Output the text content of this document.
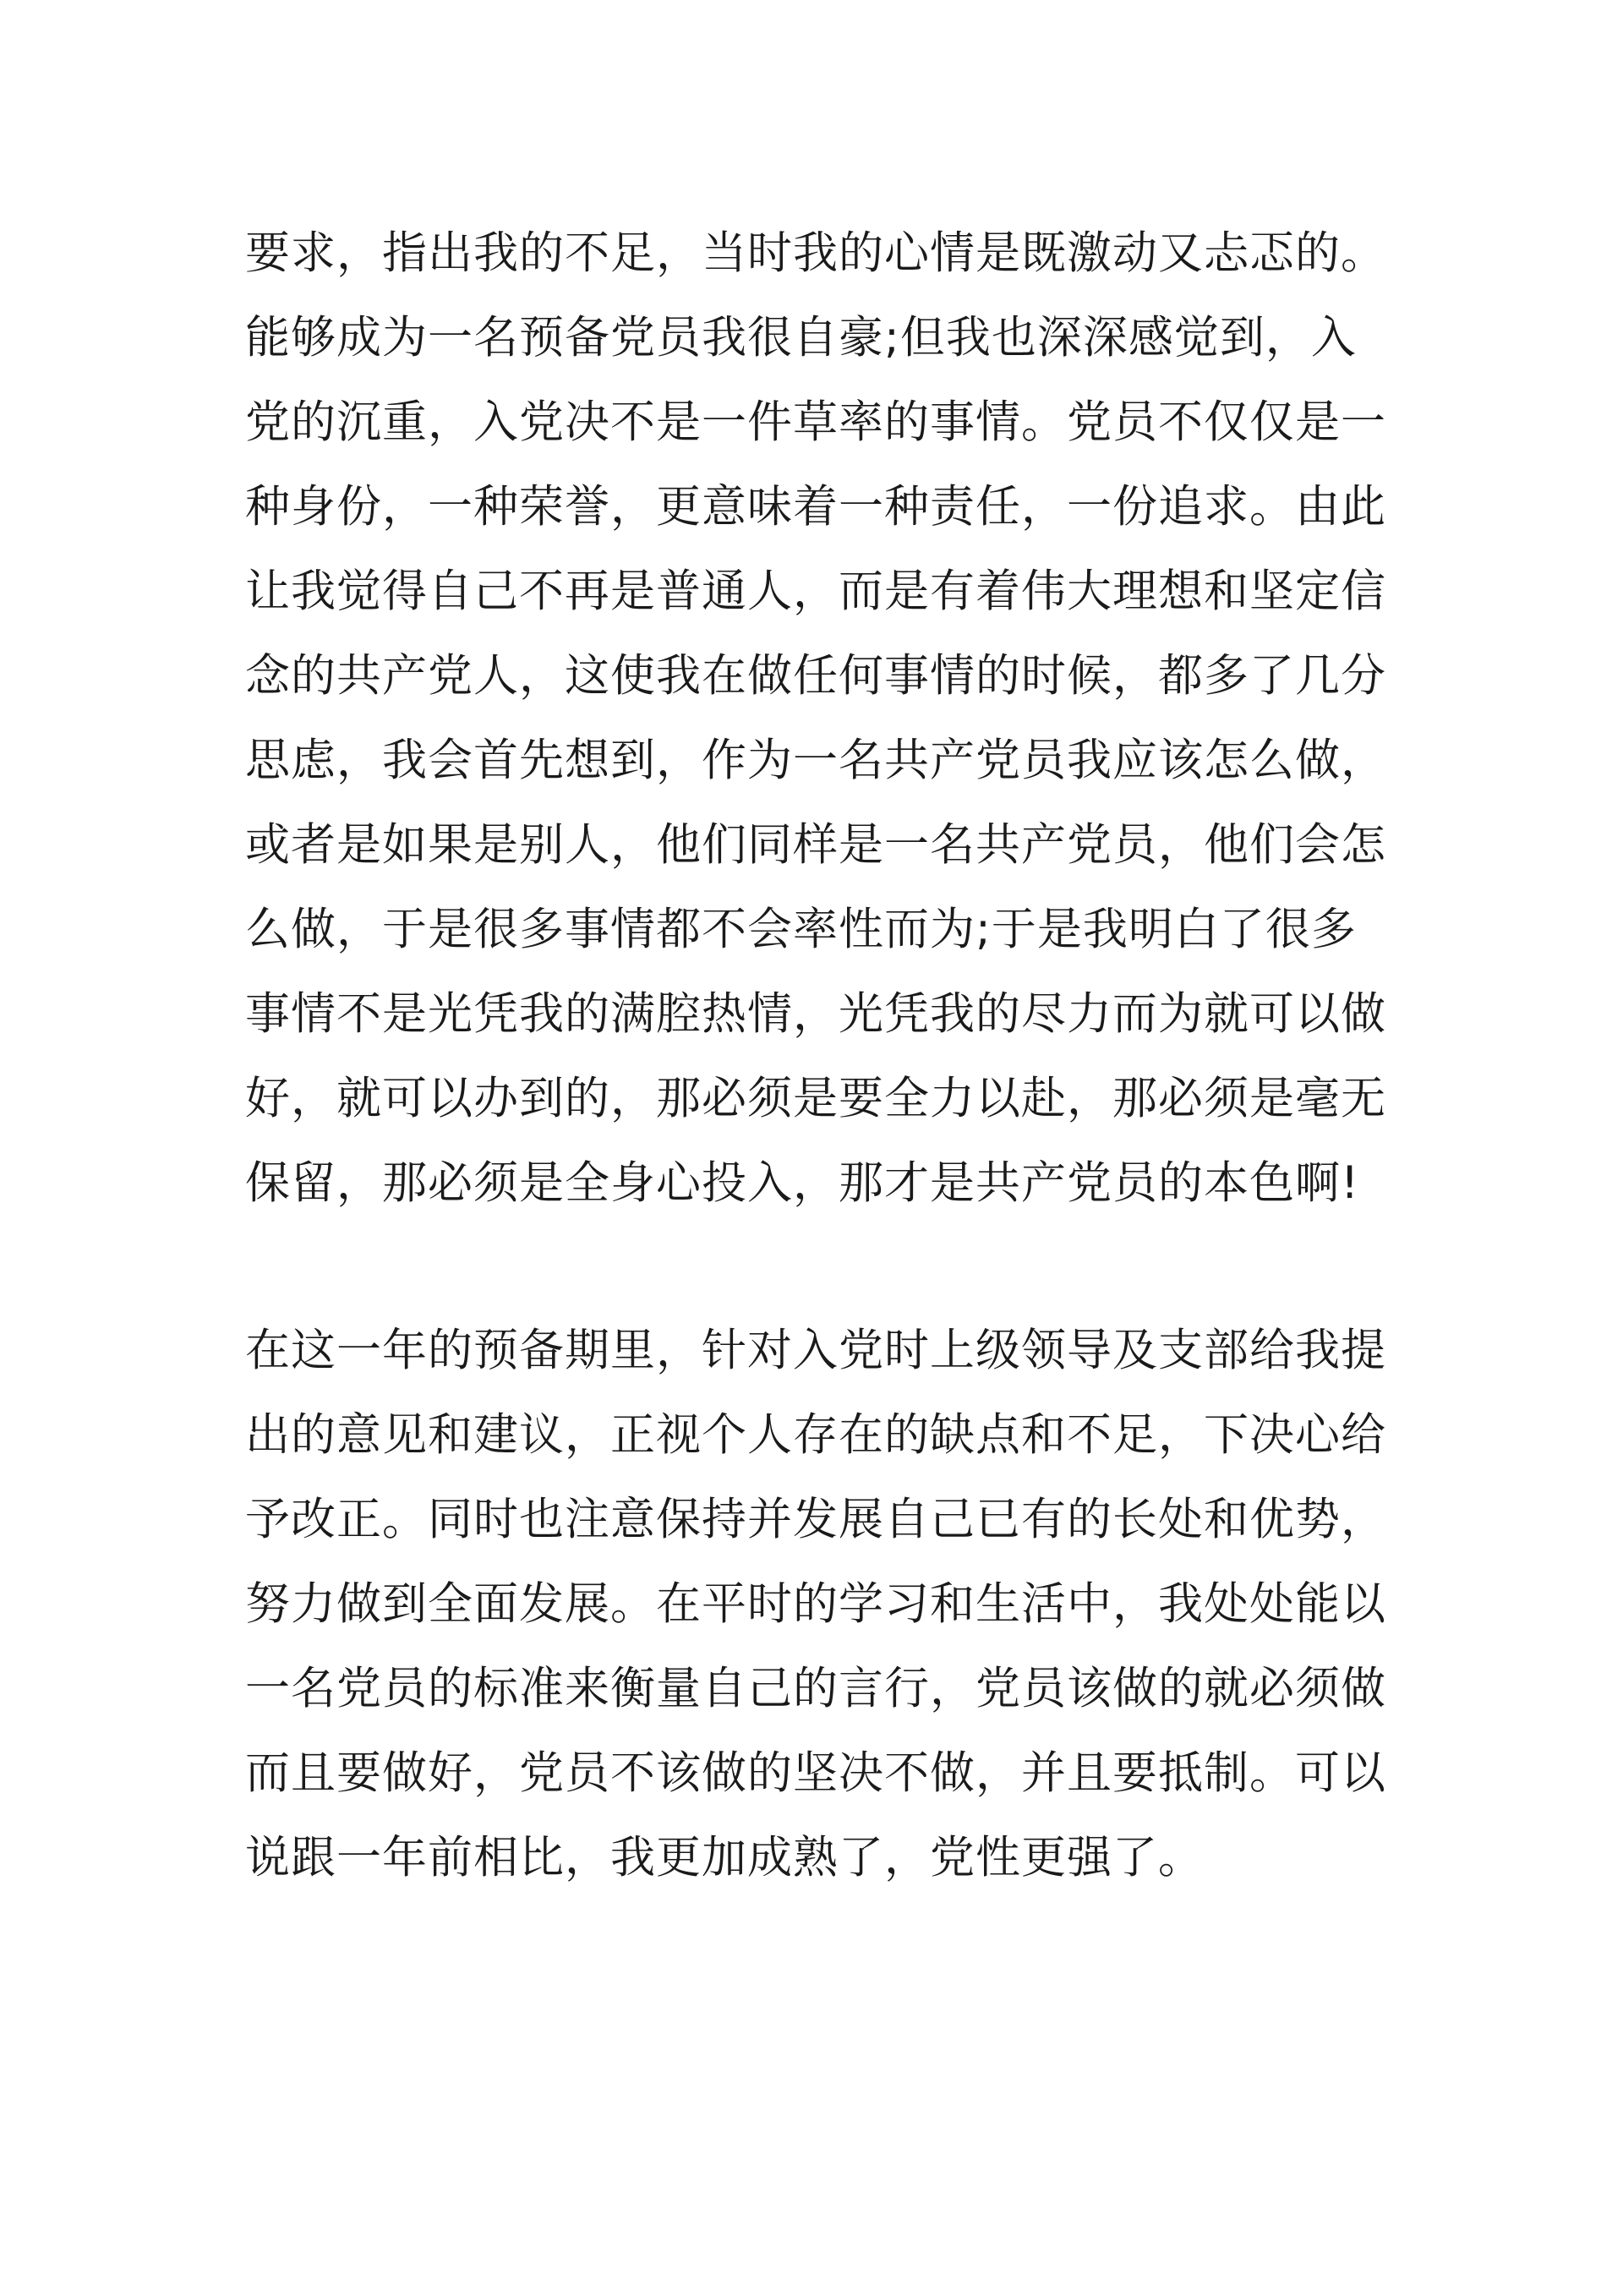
要求，指出我的不足，当时我的心情是既激动又忐忑的。
能够成为一名预备党员我很自豪;但我也深深感觉到，入
党的沉重，入党决不是一件草率的事情。党员不仅仅是一
种身份，一种荣誉，更意味着一种责任，一份追求。由此
让我觉得自己不再是普通人，而是有着伟大理想和坚定信
念的共产党人，这使我在做任何事情的时候，都多了几分
思虑，我会首先想到，作为一名共产党员我应该怎么做，
或者是如果是别人，他们同样是一名共产党员，他们会怎
么做，于是很多事情都不会率性而为;于是我明白了很多
事情不是光凭我的满腔热情，光凭我的尽力而为就可以做
好，就可以办到的，那必须是要全力以赴，那必须是毫无
保留，那必须是全身心投入，那才是共产党员的本色啊!
在这一年的预备期里，针对入党时上级领导及支部给我提
出的意见和建议，正视个人存在的缺点和不足，下决心给
予改正。同时也注意保持并发展自己已有的长处和优势，
努力做到全面发展。在平时的学习和生活中，我处处能以
一名党员的标准来衡量自己的言行，党员该做的就必须做
而且要做好，党员不该做的坚决不做，并且要抵制。可以
说跟一年前相比，我更加成熟了，党性更强了。
